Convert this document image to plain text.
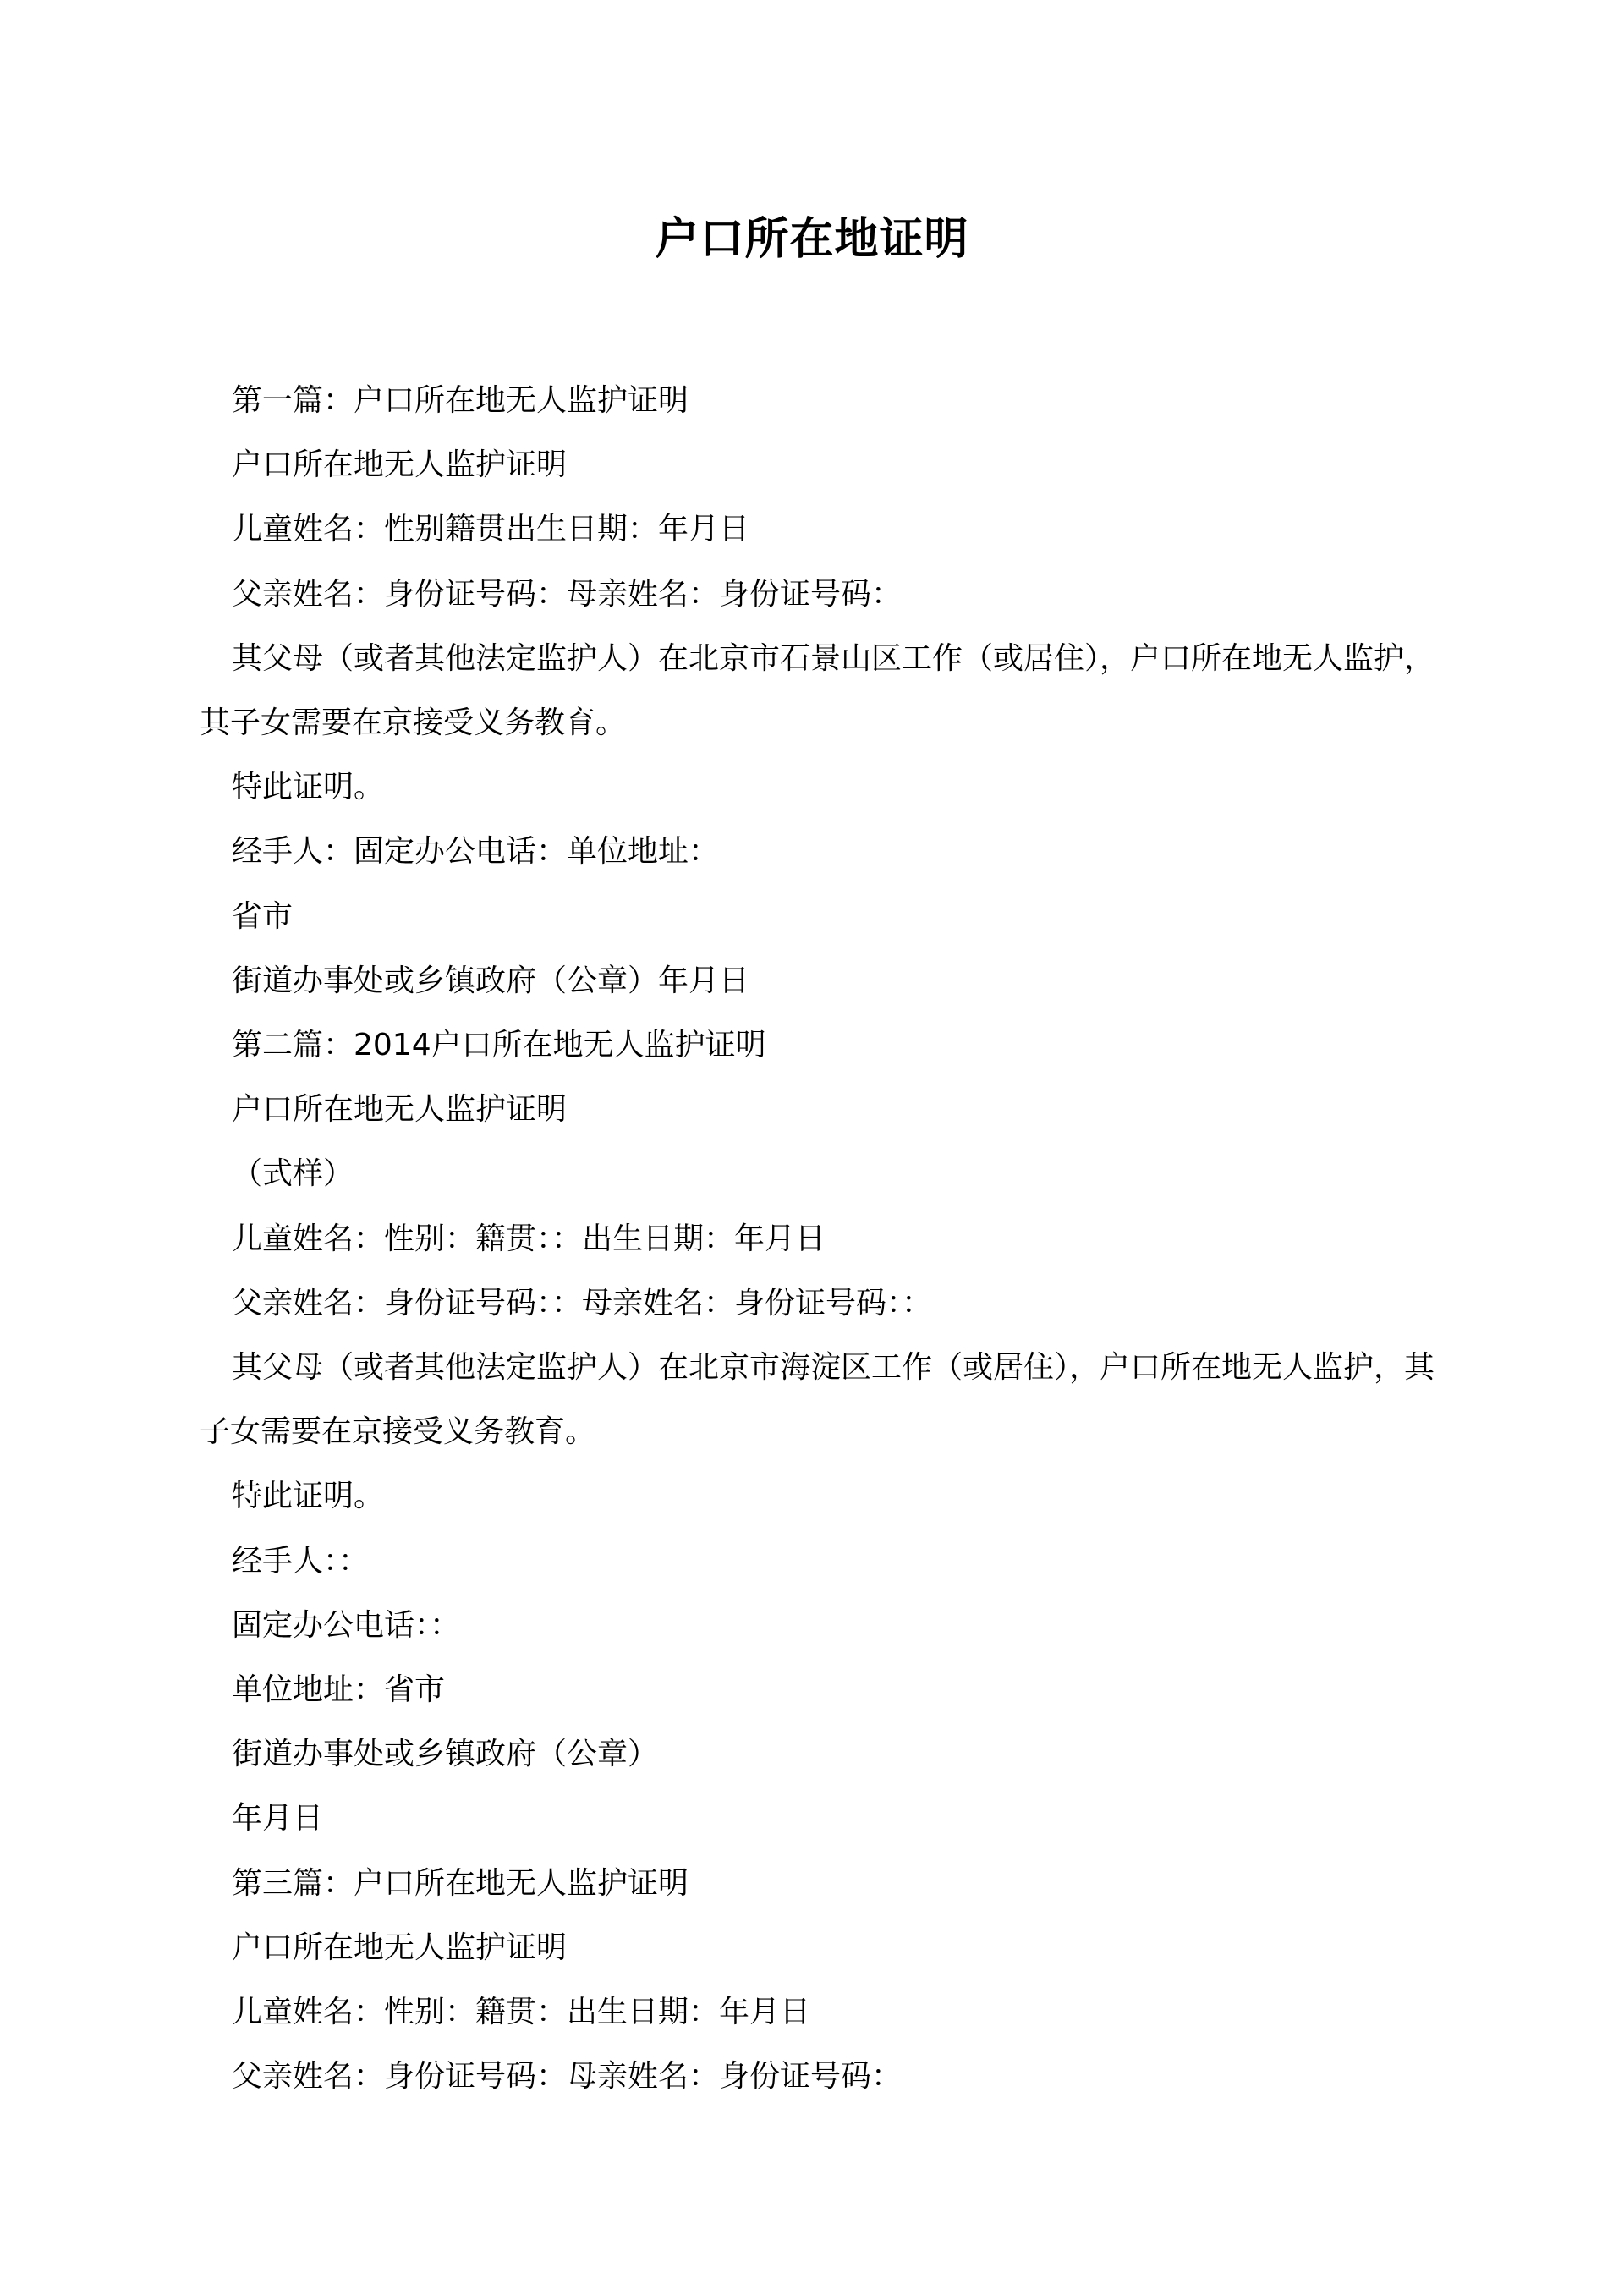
户口所在地证明

第一篇：户口所在地无人监护证明

户口所在地无人监护证明

儿童姓名：性别籍贯出生日期：年月日

父亲姓名：身份证号码：母亲姓名：身份证号码：

其父母（或者其他法定监护人）在北京市石景山区工作（或居住），户口所在地无人监护，其子女需要在京接受义务教育。

特此证明。

经手人：固定办公电话：单位地址：

省市

街道办事处或乡镇政府（公章）年月日

第二篇：2014户口所在地无人监护证明

户口所在地无人监护证明

（式样）

儿童姓名：性别：籍贯：：出生日期：年月日

父亲姓名：身份证号码：：母亲姓名：身份证号码：：

其父母（或者其他法定监护人）在北京市海淀区工作（或居住），户口所在地无人监护，其子女需要在京接受义务教育。

特此证明。

经手人：：

固定办公电话：：

单位地址：省市

街道办事处或乡镇政府（公章）

年月日

第三篇：户口所在地无人监护证明

户口所在地无人监护证明

儿童姓名：性别：籍贯：出生日期：年月日

父亲姓名：身份证号码：母亲姓名：身份证号码：
